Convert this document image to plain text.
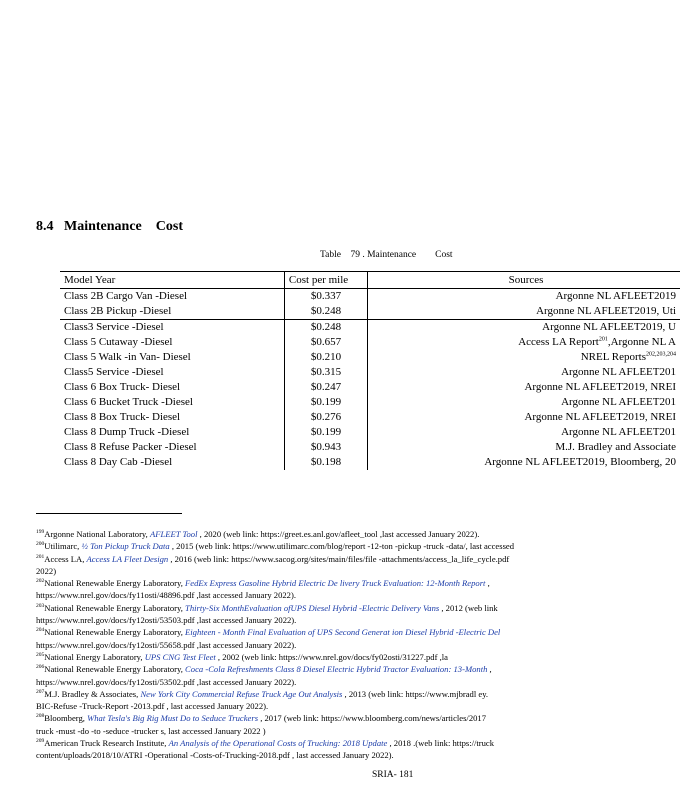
8.4 Maintenance    Cost
Table    79 . Maintenance        Cost
Model Year	Cost per mile	Sources

Class 2B Cargo Van -Diesel	$0.337	Argonne NL AFLEET2019

Class 2B Pickup -Diesel	$0.248	Argonne NL AFLEET2019, Uti

Class3 Service -Diesel	$0.248	Argonne NL AFLEET2019, U

Class 5 Cutaway -Diesel	$0.657	Access LA Report$^{201}$,Argonne NL A

Class 5 Walk -in Van- Diesel	$0.210	NREL Reports$^{202,203,204}$

Class5 Service -Diesel	$0.315	Argonne NL AFLEET201

Class 6 Box Truck- Diesel	$0.247	Argonne NL AFLEET2019, NREI

Class 6 Bucket Truck -Diesel	$0.199	Argonne NL AFLEET201

Class 8 Box Truck- Diesel	$0.276	Argonne NL AFLEET2019, NREI

Class 8 Dump Truck -Diesel	$0.199	Argonne NL AFLEET201

Class 8 Refuse Packer -Diesel	$0.943	M.J. Bradley and Associate

Class 8 Day Cab -Diesel	$0.198	Argonne NL AFLEET2019, Bloomberg, 20
$^{199}$Argonne National Laboratory, AFLEET Tool , 2020 (web link: https://greet.es.anl.gov/afleet_tool ,last accessed January 2022).
$^{200}$Utilimarc, ½ Ton Pickup Truck Data , 2015 (web link: https://www.utilimarc.com/blog/report -12-ton -pickup -truck -data/, last accessed
$^{201}$Access LA, Access LA Fleet Design , 2016 (web link: https://www.sacog.org/sites/main/files/file -attachments/access_la_life_cycle.pdf
2022)
$^{202}$National Renewable Energy Laboratory, FedEx Express Gasoline Hybrid Electric De livery Truck Evaluation: 12-Month Report ,
https://www.nrel.gov/docs/fy11osti/48896.pdf ,last accessed January 2022).
$^{203}$National Renewable Energy Laboratory, Thirty-Six MonthEvaluation ofUPS Diesel Hybrid -Electric Delivery Vans , 2012 (web link
https://www.nrel.gov/docs/fy12osti/53503.pdf ,last accessed January 2022).
$^{204}$National Renewable Energy Laboratory, Eighteen - Month Final Evaluation of UPS Second Generat ion Diesel Hybrid -Electric Del
https://www.nrel.gov/docs/fy12osti/55658.pdf ,last accessed January 2022).
$^{205}$National Energy Laboratory, UPS CNG Test Fleet , 2002 (web link: https://www.nrel.gov/docs/fy02osti/31227.pdf ,la
$^{206}$National Renewable Energy Laboratory, Coca -Cola Refreshments Class 8 Diesel Electric Hybrid Tractor Evaluation: 13-Month ,
https://www.nrel.gov/docs/fy12osti/53502.pdf ,last accessed January 2022).
$^{207}$M.J. Bradley & Associates, New York City Commercial Refuse Truck Age Out Analysis , 2013 (web link: https://www.mjbradl ey.
BIC-Refuse -Truck-Report -2013.pdf , last accessed January 2022).
$^{208}$Bloomberg, What Tesla's Big Rig Must Do to Seduce Truckers , 2017 (web link: https://www.bloomberg.com/news/articles/2017
truck -must -do -to -seduce -trucker s, last accessed January 2022 )
$^{209}$American Truck Research Institute, An Analysis of the Operational Costs of Trucking: 2018 Update , 2018 .(web link: https://truck
content/uploads/2018/10/ATRI -Operational -Costs-of-Trucking-2018.pdf , last accessed January 2022).
SRIA- 181
